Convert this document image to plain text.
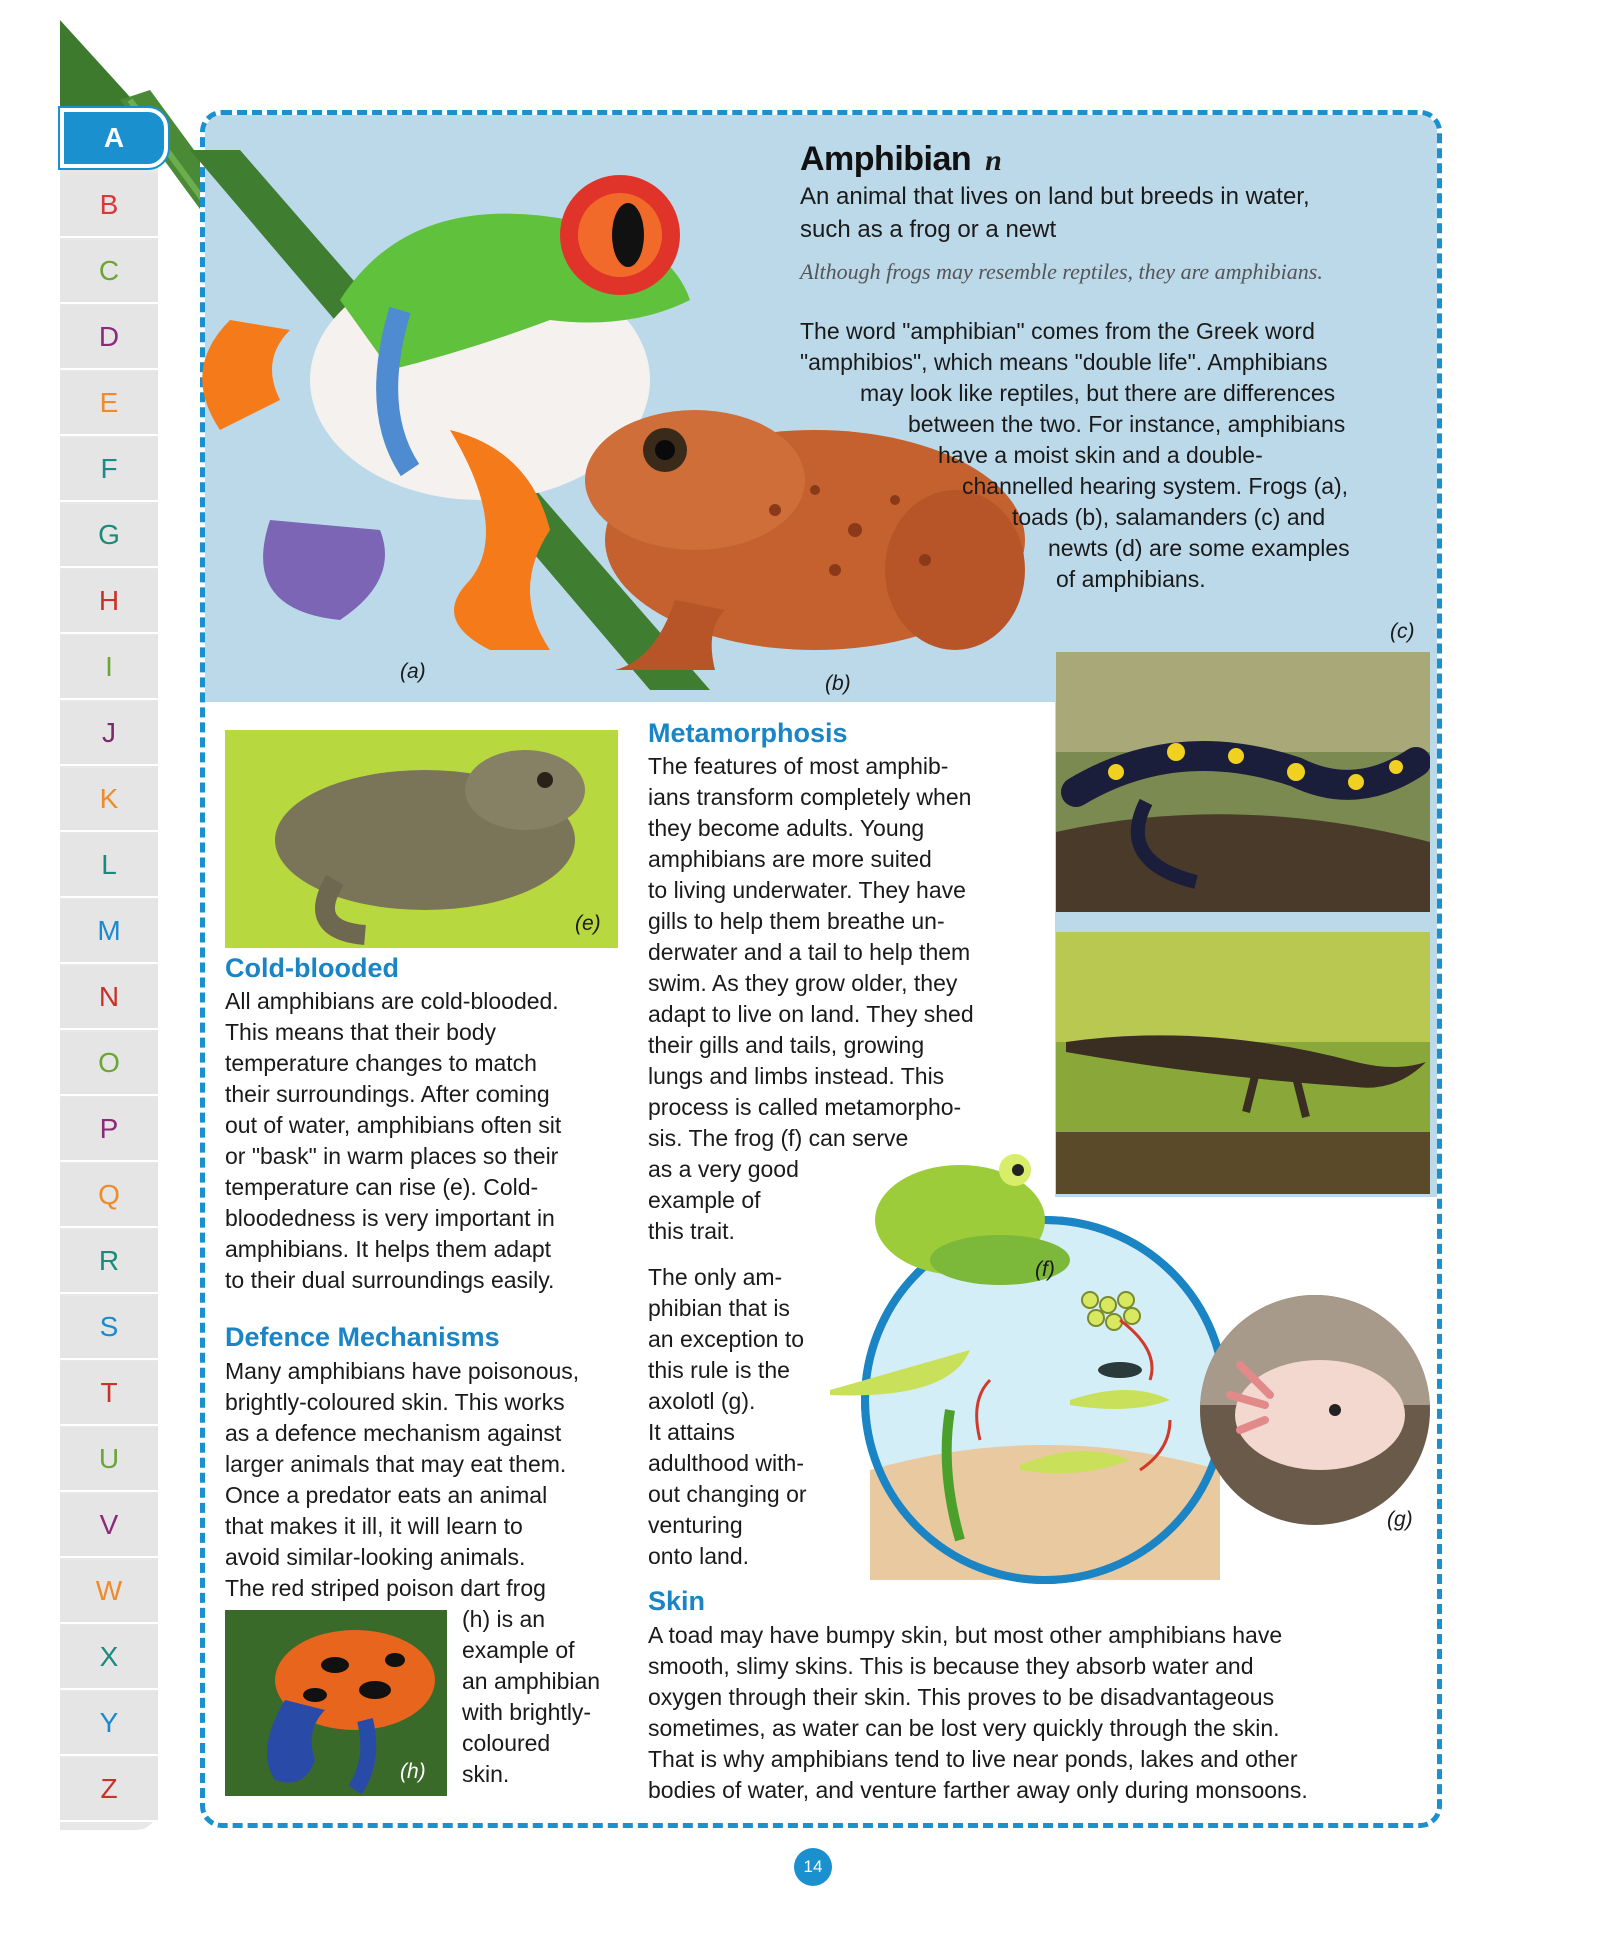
A
B
C
D
E
F
G
H
I
J
K
L
M
N
O
P
Q
R
S
T
U
V
W
X
Y
Z
(a)
(b)
Amphibian n
An animal that lives on land but breeds in water,
such as a frog or a newt
Although frogs may resemble reptiles, they are amphibians.
The word "amphibian" comes from the Greek word
"amphibios", which means "double life". Amphibians
may look like reptiles, but there are differences
between the two. For instance, amphibians
have a moist skin and a double-
channelled hearing system. Frogs (a),
toads (b), salamanders (c) and
newts (d) are some examples
of amphibians.
(c)
(e)
Cold-blooded
All amphibians are cold-blooded.
This means that their body
temperature changes to match
their surroundings. After coming
out of water, amphibians often sit
or "bask" in warm places so their
temperature can rise (e). Cold-
bloodedness is very important in
amphibians. It helps them adapt
to their dual surroundings easily.
Defence Mechanisms
Many amphibians have poisonous,
brightly-coloured skin. This works
as a defence mechanism against
larger animals that may eat them.
Once a predator eats an animal
that makes it ill, it will learn to
avoid similar-looking animals.
The red striped poison dart frog
(h)
(h) is an
example of
an amphibian
with brightly-
coloured
skin.
Metamorphosis
The features of most amphib-
ians transform completely when
they become adults. Young
amphibians are more suited
to living underwater. They have
gills to help them breathe un-
derwater and a tail to help them
swim. As they grow older, they
adapt to live on land. They shed
their gills and tails, growing
lungs and limbs instead. This
process is called metamorpho-
sis. The frog (f) can serve
as a very good
example of
this trait.
The only am-
phibian that is
an exception to
this rule is the
axolotl (g).
It attains
adulthood with-
out changing or
venturing
onto land.
(f)
(g)
Skin
A toad may have bumpy skin, but most other amphibians have
smooth, slimy skins. This is because they absorb water and
oxygen through their skin. This proves to be disadvantageous
sometimes, as water can be lost very quickly through the skin.
That is why amphibians tend to live near ponds, lakes and other
bodies of water, and venture farther away only during monsoons.
14
